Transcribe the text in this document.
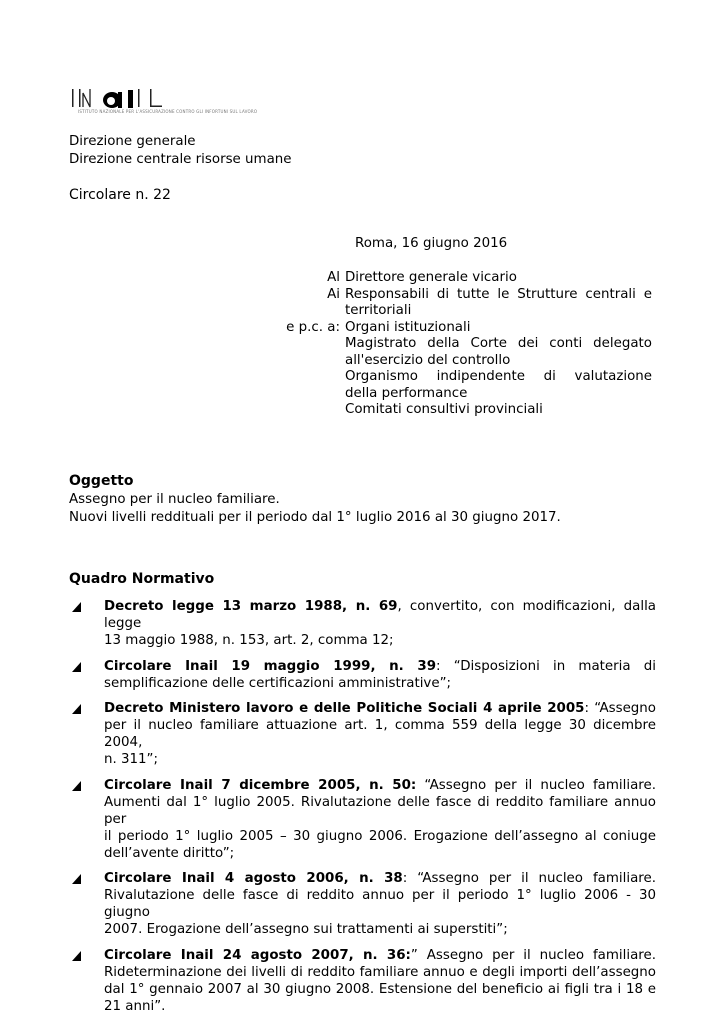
ISTITUTO NAZIONALE PER L'ASSICURAZIONE CONTRO GLI INFORTUNI SUL LAVORO
Direzione generale
Direzione centrale risorse umane
Circolare n. 22
Roma, 16 giugno 2016
Al Direttore generale vicario
Ai Responsabili di tutte le Strutture centrali e
territoriali
e p.c. a: Organi istituzionali
Magistrato della Corte dei conti delegato
all'esercizio del controllo
Organismo indipendente di valutazione
della performance
Comitati consultivi provinciali
Oggetto
Assegno per il nucleo familiare.
Nuovi livelli reddituali per il periodo dal 1° luglio 2016 al 30 giugno 2017.
Quadro Normativo
Decreto legge 13 marzo 1988, n. 69, convertito, con modificazioni, dalla legge
13 maggio 1988, n. 153, art. 2, comma 12;
Circolare Inail 19 maggio 1999, n. 39: “Disposizioni in materia di
semplificazione delle certificazioni amministrative”;
Decreto Ministero lavoro e delle Politiche Sociali 4 aprile 2005: “Assegno
per il nucleo familiare attuazione art. 1, comma 559 della legge 30 dicembre 2004,
n. 311”;
Circolare Inail 7 dicembre 2005, n. 50: “Assegno per il nucleo familiare.
Aumenti dal 1° luglio 2005. Rivalutazione delle fasce di reddito familiare annuo per
il periodo 1° luglio 2005 – 30 giugno 2006. Erogazione dell’assegno al coniuge
dell’avente diritto”;
Circolare Inail 4 agosto 2006, n. 38: “Assegno per il nucleo familiare.
Rivalutazione delle fasce di reddito annuo per il periodo 1° luglio 2006 - 30 giugno
2007. Erogazione dell’assegno sui trattamenti ai superstiti”;
Circolare Inail 24 agosto 2007, n. 36:” Assegno per il nucleo familiare.
Rideterminazione dei livelli di reddito familiare annuo e degli importi dell’assegno
dal 1° gennaio 2007 al 30 giugno 2008. Estensione del beneficio ai figli tra i 18 e
21 anni”.
